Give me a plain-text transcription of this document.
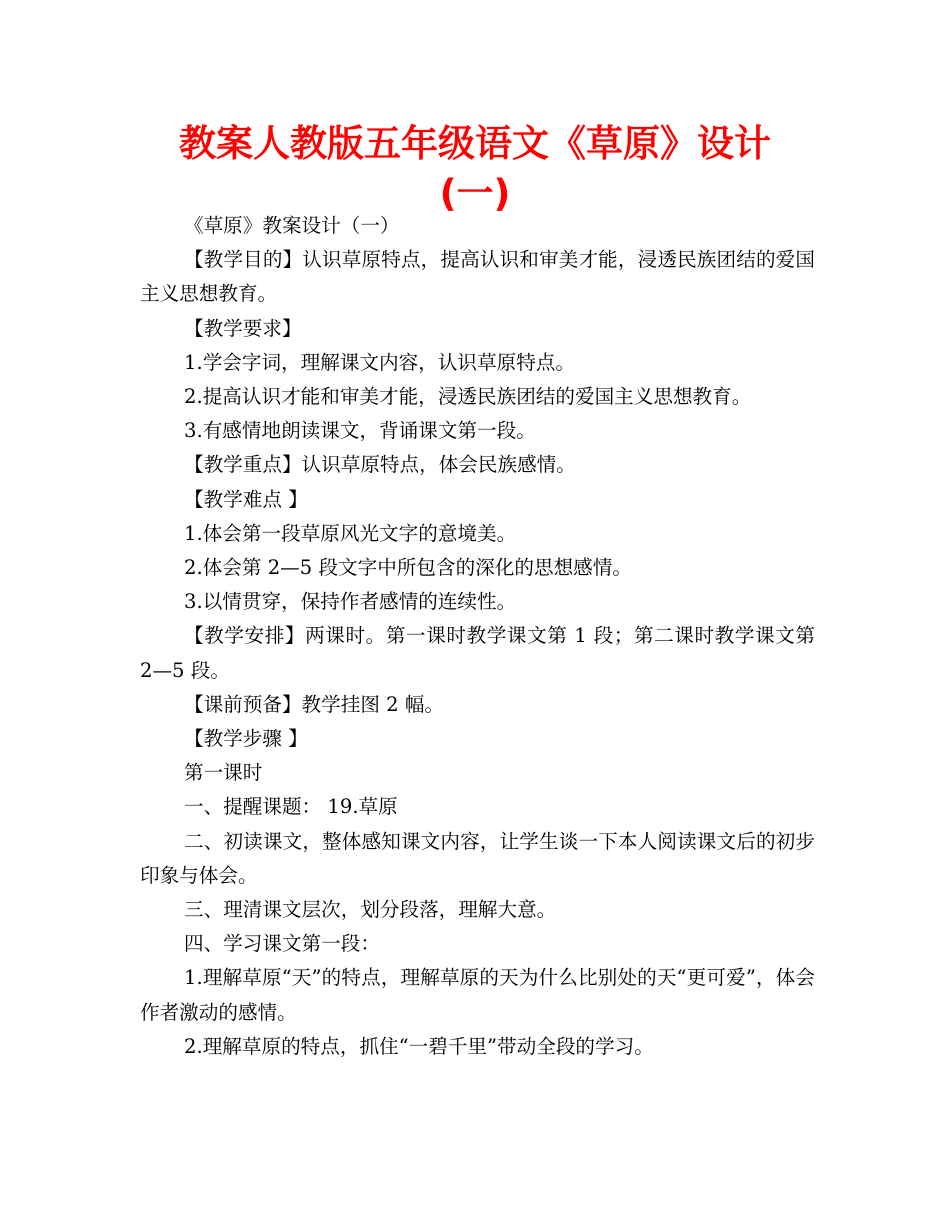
教案人教版五年级语文《草原》设计
(一)

《草原》教案设计（一）

【教学目的】认识草原特点，提高认识和审美才能，浸透民族团结的爱国主义思想教育。

【教学要求】

1.学会字词，理解课文内容，认识草原特点。

2.提高认识才能和审美才能，浸透民族团结的爱国主义思想教育。

3.有感情地朗读课文，背诵课文第一段。

【教学重点】认识草原特点，体会民族感情。

【教学难点 】

1.体会第一段草原风光文字的意境美。

2.体会第 2—5 段文字中所包含的深化的思想感情。

3.以情贯穿，保持作者感情的连续性。

【教学安排】两课时。第一课时教学课文第 1 段；第二课时教学课文第 2—5 段。

【课前预备】教学挂图 2 幅。

【教学步骤 】

第一课时

一、提醒课题： 19.草原

二、初读课文，整体感知课文内容，让学生谈一下本人阅读课文后的初步印象与体会。

三、理清课文层次，划分段落，理解大意。

四、学习课文第一段：

1.理解草原“天”的特点，理解草原的天为什么比别处的天“更可爱”，体会作者激动的感情。

2.理解草原的特点，抓住“一碧千里”带动全段的学习。
